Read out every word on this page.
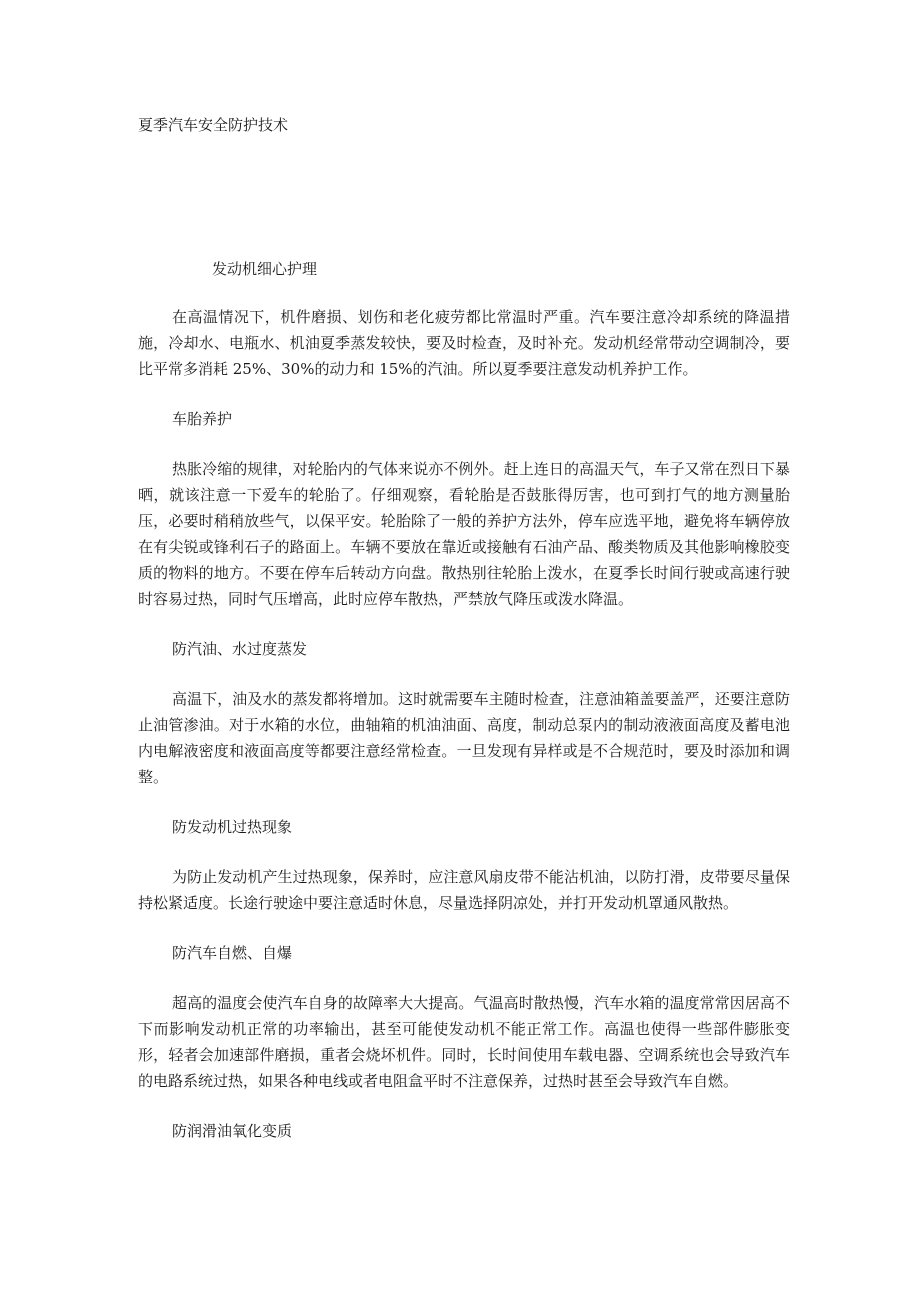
夏季汽车安全防护技术
发动机细心护理

在高温情况下，机件磨损、划伤和老化疲劳都比常温时严重。汽车要注意冷却系统的降温措施，冷却水、电瓶水、机油夏季蒸发较快，要及时检查，及时补充。发动机经常带动空调制冷，要比平常多消耗 25%、30%的动力和 15%的汽油。所以夏季要注意发动机养护工作。

车胎养护

热胀冷缩的规律，对轮胎内的气体来说亦不例外。赶上连日的高温天气，车子又常在烈日下暴晒，就该注意一下爱车的轮胎了。仔细观察，看轮胎是否鼓胀得厉害，也可到打气的地方测量胎压，必要时稍稍放些气，以保平安。轮胎除了一般的养护方法外，停车应选平地，避免将车辆停放在有尖锐或锋利石子的路面上。车辆不要放在靠近或接触有石油产品、酸类物质及其他影响橡胶变质的物料的地方。不要在停车后转动方向盘。散热别往轮胎上泼水，在夏季长时间行驶或高速行驶时容易过热，同时气压增高，此时应停车散热，严禁放气降压或泼水降温。

防汽油、水过度蒸发

高温下，油及水的蒸发都将增加。这时就需要车主随时检查，注意油箱盖要盖严，还要注意防止油管渗油。对于水箱的水位，曲轴箱的机油油面、高度，制动总泵内的制动液液面高度及蓄电池内电解液密度和液面高度等都要注意经常检查。一旦发现有异样或是不合规范时，要及时添加和调整。

防发动机过热现象

为防止发动机产生过热现象，保养时，应注意风扇皮带不能沾机油，以防打滑，皮带要尽量保持松紧适度。长途行驶途中要注意适时休息，尽量选择阴凉处，并打开发动机罩通风散热。

防汽车自燃、自爆

超高的温度会使汽车自身的故障率大大提高。气温高时散热慢，汽车水箱的温度常常因居高不下而影响发动机正常的功率输出，甚至可能使发动机不能正常工作。高温也使得一些部件膨胀变形，轻者会加速部件磨损，重者会烧坏机件。同时，长时间使用车载电器、空调系统也会导致汽车的电路系统过热，如果各种电线或者电阻盒平时不注意保养，过热时甚至会导致汽车自燃。

防润滑油氧化变质
